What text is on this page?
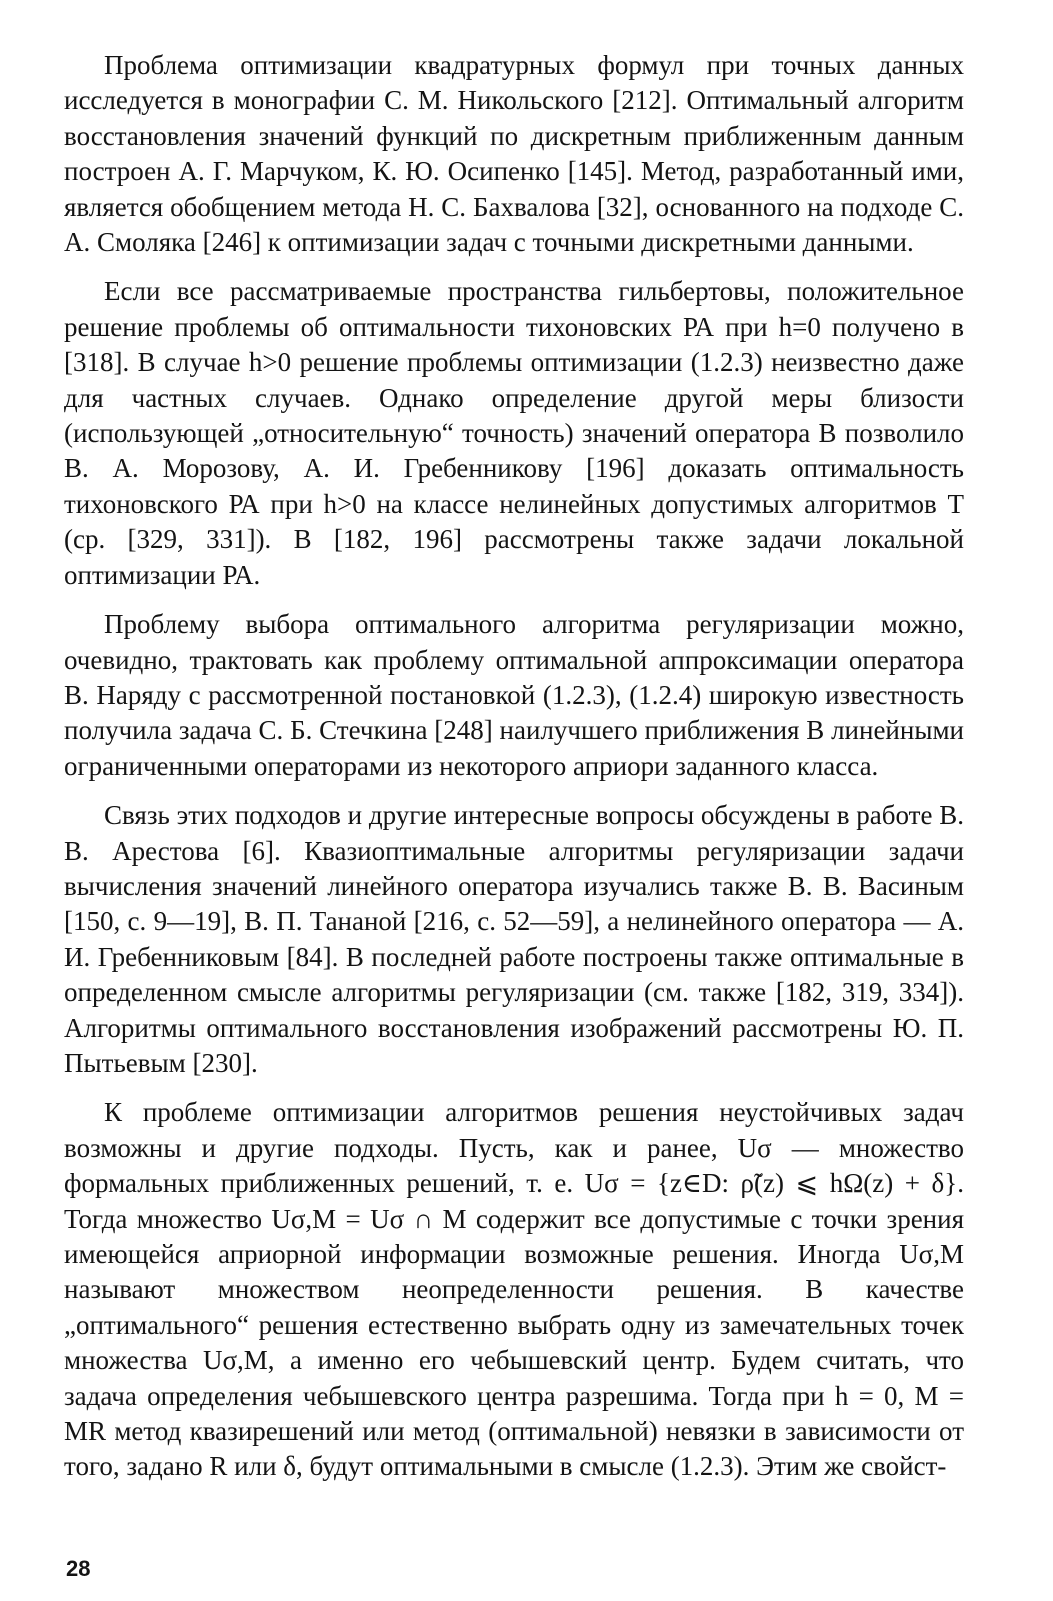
Проблема оптимизации квадратурных формул при точных данных исследуется в монографии С. М. Никольского [212]. Оптимальный алгоритм восстановления значений функций по дискретным приближенным данным построен А. Г. Марчуком, К. Ю. Осипенко [145]. Метод, разработанный ими, является обобщением метода Н. С. Бахвалова [32], основанного на подходе С. А. Смоляка [246] к оптимизации задач с точными дискретными данными.

Если все рассматриваемые пространства гильбертовы, положительное решение проблемы об оптимальности тихоновских РА при h=0 получено в [318]. В случае h>0 решение проблемы оптимизации (1.2.3) неизвестно даже для частных случаев. Однако определение другой меры близости (использующей „относительную“ точность) значений оператора B позволило В. А. Морозову, А. И. Гребенникову [196] доказать оптимальность тихоновского РА при h>0 на классе нелинейных допустимых алгоритмов T (ср. [329, 331]). В [182, 196] рассмотрены также задачи локальной оптимизации РА.

Проблему выбора оптимального алгоритма регуляризации можно, очевидно, трактовать как проблему оптимальной аппроксимации оператора B. Наряду с рассмотренной постановкой (1.2.3), (1.2.4) широкую известность получила задача С. Б. Стечкина [248] наилучшего приближения B линейными ограниченными операторами из некоторого априори заданного класса.

Связь этих подходов и другие интересные вопросы обсуждены в работе В. В. Арестова [6]. Квазиоптимальные алгоритмы регуляризации задачи вычисления значений линейного оператора изучались также В. В. Васиным [150, с. 9—19], В. П. Тананой [216, с. 52—59], а нелинейного оператора — А. И. Гребенниковым [84]. В последней работе построены также оптимальные в определенном смысле алгоритмы регуляризации (см. также [182, 319, 334]). Алгоритмы оптимального восстановления изображений рассмотрены Ю. П. Пытьевым [230].

К проблеме оптимизации алгоритмов решения неустойчивых задач возможны и другие подходы. Пусть, как и ранее, Uσ — множество формальных приближенных решений, т. е. Uσ = {z∈D: ρ̃(z) ⩽ hΩ(z) + δ}. Тогда множество Uσ,M = Uσ ∩ M содержит все допустимые с точки зрения имеющейся априорной информации возможные решения. Иногда Uσ,M называют множеством неопределенности решения. В качестве „оптимального“ решения естественно выбрать одну из замечательных точек множества Uσ,M, а именно его чебышевский центр. Будем считать, что задача определения чебышевского центра разрешима. Тогда при h = 0, M = MR метод квазирешений или метод (оптимальной) невязки в зависимости от того, задано R или δ, будут оптимальными в смысле (1.2.3). Этим же свойст-

28
